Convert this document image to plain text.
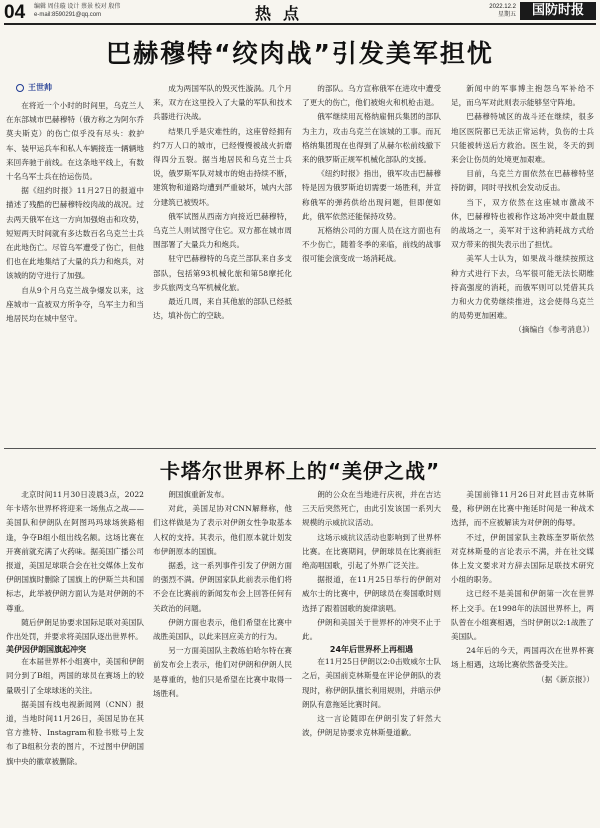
04 编辑 周佳璇 设计 蔡景 校对 殷伟
e-mail:8590291@qq.com	热点	2022.12.2
星期五	国防时报
巴赫穆特“绞肉战”引发美军担忧
王世帅

在将近一个小时的时间里，乌克兰人在东部城市巴赫穆特（俄方称之为阿尔乔莫夫斯克）的伤亡似乎没有尽头：救护车、装甲运兵车和私人车辆接连一辆辆地来回奔驰于前线。在这条地平线上，有数十名乌军士兵在抬运伤员。

据《纽约时报》11月27日的报道中描述了残酷的巴赫穆特绞肉战的战况。过去两天俄军在这一方向加强炮击和攻势，短短两天时间就有多达数百名乌克兰士兵在此地伤亡。尽管乌军遭受了伤亡，但他们也在此地集结了大量的兵力和炮兵，对该城的防守进行了加强。

自从9个月乌克兰战争爆发以来，这座城市一直被双方所争夺，乌军主力和当地居民均在城中坚守。

成为两国军队的毁灭性漩涡。几个月来，双方在这里投入了大量的军队和技术兵器进行决战。

结果几乎是灾难性的，这座曾经拥有约7万人口的城市，已经慢慢被战火折磨得四分五裂。据当地居民和乌克兰士兵说，俄罗斯军队对城市的炮击持续不断，建筑物和道路均遭到严重破坏，城内大部分建筑已被毁坏。

俄军试图从西南方向接近巴赫穆特，乌克兰人则试图守住它。双方都在城市周围部署了大量兵力和炮兵。

驻守巴赫穆特的乌克兰部队来自多支部队，包括第93机械化旅和第58摩托化步兵旅两支乌军机械化旅。

最近几周，来自其他旅的部队已经抵达，填补伤亡的空缺。

的部队。乌方宣称俄军在进攻中遭受了更大的伤亡，他们被炮火和机枪击退。

俄军继续用瓦格纳雇佣兵集团的部队为主力，攻击乌克兰在该城的工事。而瓦格纳集团现在也得到了从赫尔松前线撤下来的俄罗斯正规军机械化部队的支援。

《纽约时报》指出，俄军攻击巴赫穆特是因为俄罗斯迫切需要一场胜利，并宣称俄军的弹药供给出现问题，但即便如此，俄军依然还能保持攻势。

瓦格纳公司的方面人员在这方面也有不少伤亡，随着冬季的来临，前线的战事很可能会演变成一场消耗战。

新闻中的军事博主抱怨乌军补给不足，而乌军对此则表示能够坚守阵地。

巴赫穆特城区的战斗还在继续，很多地区医院都已无法正常运转，负伤的士兵只能被转送后方救治。医生说，冬天的到来会让伤员的处境更加艰难。

目前，乌克兰方面依然在巴赫穆特坚持防御，同时寻找机会发动反击。

当下，双方依然在这座城市激战不休，巴赫穆特也被称作这场冲突中最血腥的战场之一，美军对于这种消耗战方式给双方带来的损失表示出了担忧。

美军人士认为，如果战斗继续按照这种方式进行下去，乌军很可能无法长期维持高强度的消耗，而俄军则可以凭借其兵力和火力优势继续推进，这会使得乌克兰的局势更加困难。

（摘编自《参考消息》）
卡塔尔世界杯上的“美伊之战”

北京时间11月30日凌晨3点，2022年卡塔尔世界杯将迎来一场焦点之战——美国队和伊朗队在阿图玛玛球场狭路相逢，争夺B组小组出线名额。这场比赛在开赛前就充满了火药味。据美国广播公司报道，美国足球联合会在社交媒体上发布伊朗国旗时删除了国旗上的伊斯兰共和国标志，此举被伊朗方面认为是对伊朗的不尊重。

随后伊朗足协要求国际足联对美国队作出处罚，并要求将美国队逐出世界杯。

美伊因伊朗国旗起冲突

在本届世界杯小组赛中，美国和伊朗同分到了B组，两国的球员在赛场上的较量吸引了全球球迷的关注。

据美国有线电视新闻网（CNN）报道，当地时间11月26日，美国足协在其官方推特、Instagram和脸书账号上发布了B组积分表的图片，不过图中伊朗国旗中央的徽章被删除。

朗国旗重新发布。

对此，美国足协对CNN解释称，他们这样做是为了表示对伊朗女性争取基本人权的支持。其表示，他们原本就计划发布伊朗原本的国旗。

据悉，这一系列事件引发了伊朗方面的强烈不满。伊朗国家队此前表示他们将不会在比赛前的新闻发布会上回答任何有关政治的问题。

伊朗方面也表示，他们希望在比赛中战胜美国队，以此来回应美方的行为。

另一方面美国队主教练伯哈尔特在赛前发布会上表示，他们对伊朗和伊朗人民是尊重的，他们只是希望在比赛中取得一场胜利。

朗的公众在当地进行庆祝，并在吉达三天后突然死亡，由此引发该国一系列大规模的示威抗议活动。

这场示威抗议活动也影响到了世界杯比赛。在比赛期间，伊朗球员在比赛前拒绝高唱国歌，引起了外界广泛关注。

据报道，在11月25日举行的伊朗对威尔士的比赛中，伊朗球员在奏国歌时则选择了跟着国歌的旋律演唱。

伊朗和美国关于世界杯的冲突不止于此。

24年后世界杯上再相遇

在11月25日伊朗以2:0击败威尔士队之后，美国前克林斯曼在评论伊朗队的表现时，称伊朗队擅长利用规则，并暗示伊朗队有意拖延比赛时间。

这一言论随即在伊朗引发了轩然大波，伊朗足协要求克林斯曼道歉。

美国前锋11月26日对此回击克林斯曼，称伊朗在比赛中拖延时间是一种战术选择，而不应被解读为对伊朗的侮辱。

不过，伊朗国家队主教练奎罗斯依然对克林斯曼的言论表示不满，并在社交媒体上发文要求对方辞去国际足联技术研究小组的职务。

这已经不是美国和伊朗第一次在世界杯上交手。在1998年的法国世界杯上，两队曾在小组赛相遇，当时伊朗以2:1战胜了美国队。

24年后的今天，两国再次在世界杯赛场上相遇，这场比赛依然备受关注。

（据《新京报》）
